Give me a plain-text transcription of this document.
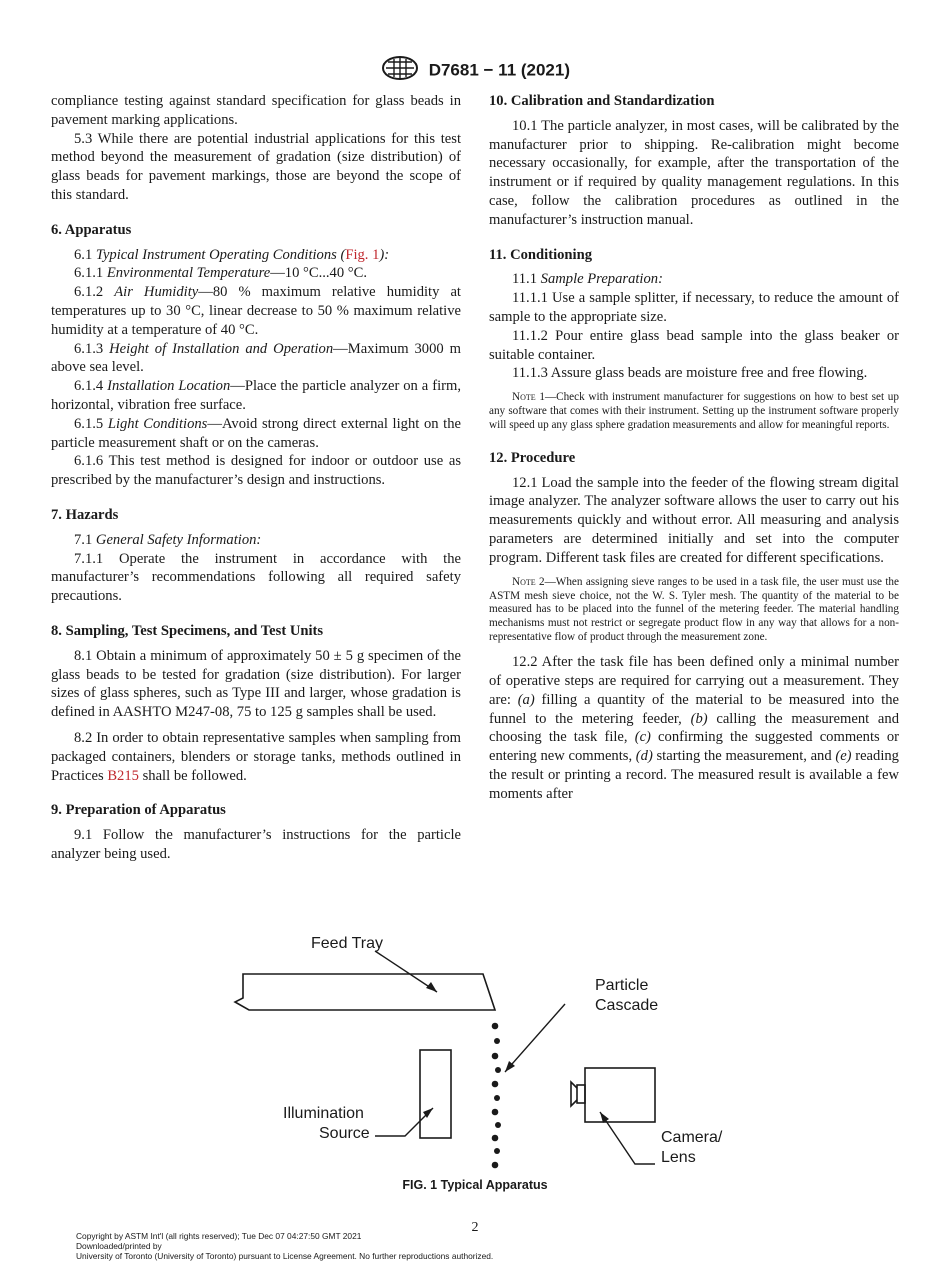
D7681 − 11 (2021)

compliance testing against standard specification for glass beads in pavement marking applications.

5.3 While there are potential industrial applications for this test method beyond the measurement of gradation (size distribution) of glass beads for pavement markings, those are beyond the scope of this standard.

6. Apparatus

6.1 Typical Instrument Operating Conditions (Fig. 1):

6.1.1 Environmental Temperature—10 °C...40 °C.

6.1.2 Air Humidity—80 % maximum relative humidity at temperatures up to 30 °C, linear decrease to 50 % maximum relative humidity at a temperature of 40 °C.

6.1.3 Height of Installation and Operation—Maximum 3000 m above sea level.

6.1.4 Installation Location—Place the particle analyzer on a firm, horizontal, vibration free surface.

6.1.5 Light Conditions—Avoid strong direct external light on the particle measurement shaft or on the cameras.

6.1.6 This test method is designed for indoor or outdoor use as prescribed by the manufacturer’s design and instructions.

7. Hazards

7.1 General Safety Information:

7.1.1 Operate the instrument in accordance with the manufacturer’s recommendations following all required safety precautions.

8. Sampling, Test Specimens, and Test Units

8.1 Obtain a minimum of approximately 50 ± 5 g specimen of the glass beads to be tested for gradation (size distribution). For larger sizes of glass spheres, such as Type III and larger, whose gradation is defined in AASHTO M247-08, 75 to 125 g samples shall be used.

8.2 In order to obtain representative samples when sampling from packaged containers, blenders or storage tanks, methods outlined in Practices B215 shall be followed.

9. Preparation of Apparatus

9.1 Follow the manufacturer’s instructions for the particle analyzer being used.

10. Calibration and Standardization

10.1 The particle analyzer, in most cases, will be calibrated by the manufacturer prior to shipping. Re-calibration might become necessary occasionally, for example, after the transportation of the instrument or if required by quality management regulations. In this case, follow the calibration procedures as outlined in the manufacturer’s instruction manual.

11. Conditioning

11.1 Sample Preparation:

11.1.1 Use a sample splitter, if necessary, to reduce the amount of sample to the appropriate size.

11.1.2 Pour entire glass bead sample into the glass beaker or suitable container.

11.1.3 Assure glass beads are moisture free and free flowing.

Note 1—Check with instrument manufacturer for suggestions on how to best set up any software that comes with their instrument. Setting up the instrument software properly will speed up any glass sphere gradation measurements and allow for meaningful reports.

12. Procedure

12.1 Load the sample into the feeder of the flowing stream digital image analyzer. The analyzer software allows the user to carry out his measurements quickly and without error. All measuring and analysis parameters are determined initially and set into the computer program. Different task files are created for different specifications.

Note 2—When assigning sieve ranges to be used in a task file, the user must use the ASTM mesh sieve choice, not the W. S. Tyler mesh. The quantity of the material to be measured has to be placed into the funnel of the metering feeder. The material handling mechanisms must not restrict or segregate product flow in any way that allows for a non-representative flow of product through the measurement zone.

12.2 After the task file has been defined only a minimal number of operative steps are required for carrying out a measurement. They are: (a) filling a quantity of the material to be measured into the funnel to the metering feeder, (b) calling the measurement and choosing the task file, (c) confirming the suggested comments or entering new comments, (d) starting the measurement, and (e) reading the result or printing a record. The measured result is available a few moments after

Feed Tray
Particle
Cascade
Illumination
Source	Camera/
Lens
FIG. 1 Typical Apparatus
2
Copyright by ASTM Int'l (all rights reserved); Tue Dec 07 04:27:50 GMT 2021
Downloaded/printed by
University of Toronto (University of Toronto) pursuant to License Agreement. No further reproductions authorized.
